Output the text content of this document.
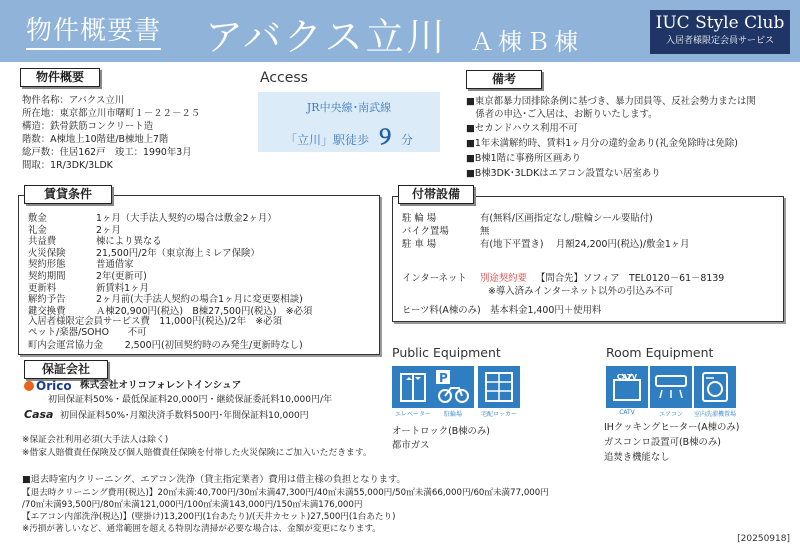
物件概要書 アバクス立川 Ａ棟Ｂ棟
IUC Style Club
入居者様限定会員サービス
物件概要
物件名称：アバクス立川
所在地：東京都立川市曙町１－２２－２５
構造：鉄骨鉄筋コンクリート造
階数：A棟地上10階建/B棟地上7階
総戸数：住居162戸　竣工：1990年3月
間取：1R/3DK/3LDK
Access
JR中央線･南武線
「立川」駅徒歩 ９ 分
備考
■東京都暴力団排除条例に基づき、暴力団員等、反社会勢力または関
　係者の申込･ご入居は、お断りいたします。
■セカンドハウス利用不可
■1年未満解約時、賃料1ヶ月分の違約金あり(礼金免除時は免除)
■B棟1階に事務所区画あり
■B棟3DK･3LDKはエアコン設置ない居室あり
賃貸条件
敷金	1ヶ月（大手法人契約の場合は敷金2ヶ月）
礼金	2ヶ月
共益費	棟により異なる
火災保険	21,500円/2年（東京海上ミレア保険）
契約形態	普通借家
契約期間	2年(更新可)
更新料	新賃料1ヶ月
解約予告	2ヶ月前(大手法人契約の場合1ヶ月に変更要相談)
鍵交換費	Ａ棟20,900円(税込)　B棟27,500円(税込)　※必須
入居者様限定会員サービス費　11,000円(税込)/2年　※必須
ペット/楽器/SOHO　　不可
町内会運営協力金　　 2,500円(初回契約時のみ発生/更新時なし)
付帯設備
駐 輪 場	有(無料/区画指定なし/駐輪シール要貼付)
バイク置場	無
駐 車 場	有(地下平置き)　 月額24,200円(税込)/敷金1ヶ月
インターネット 別途契約要 【問合先】ソフィア　TEL0120－61－8139
※導入済みインターネット以外の引込み不可
ヒーツ料(A棟のみ)　基本料金1,400円＋使用料
保証会社
Orico 株式会社オリコフォレントインシュア
初回保証料50%・最低保証料20,000円・継続保証委託料10,000円/年
Casa 初回保証料50%･月額決済手数料500円･年間保証料10,000円
※保証会社利用必須(大手法人は除く)
※借家人賠償責任保険及び個人賠償責任保険を付帯した火災保険にご加入いただきます。
Public Equipment
P
エレベーター	駐輪場	宅配ロッカー
オートロック(B棟のみ)
都市ガス
Room Equipment
CATV
CATV	エアコン	室内洗濯機置場
IHクッキングヒーター(A棟のみ)
ガスコンロ設置可(B棟のみ)
追焚き機能なし
■退去時室内クリーニング、エアコン洗浄（貸主指定業者）費用は借主様の負担となります。
【退去時クリーニング費用(税込)】20㎡未満:40,700円/30㎡未満47,300円/40㎡未満55,000円/50㎡未満66,000円/60㎡未満77,000円
/70㎡未満93,500円/80㎡未満121,000円/100㎡未満143,000円/150㎡未満176,000円
【エアコン内部洗浄(税込)】(壁掛け)13,200円(1台あたり)/(天井カセット)27,500円(1台あたり)
※汚損が著しいなど、通常範囲を超える特別な清掃が必要な場合は、金額が変更になります。
[20250918]
